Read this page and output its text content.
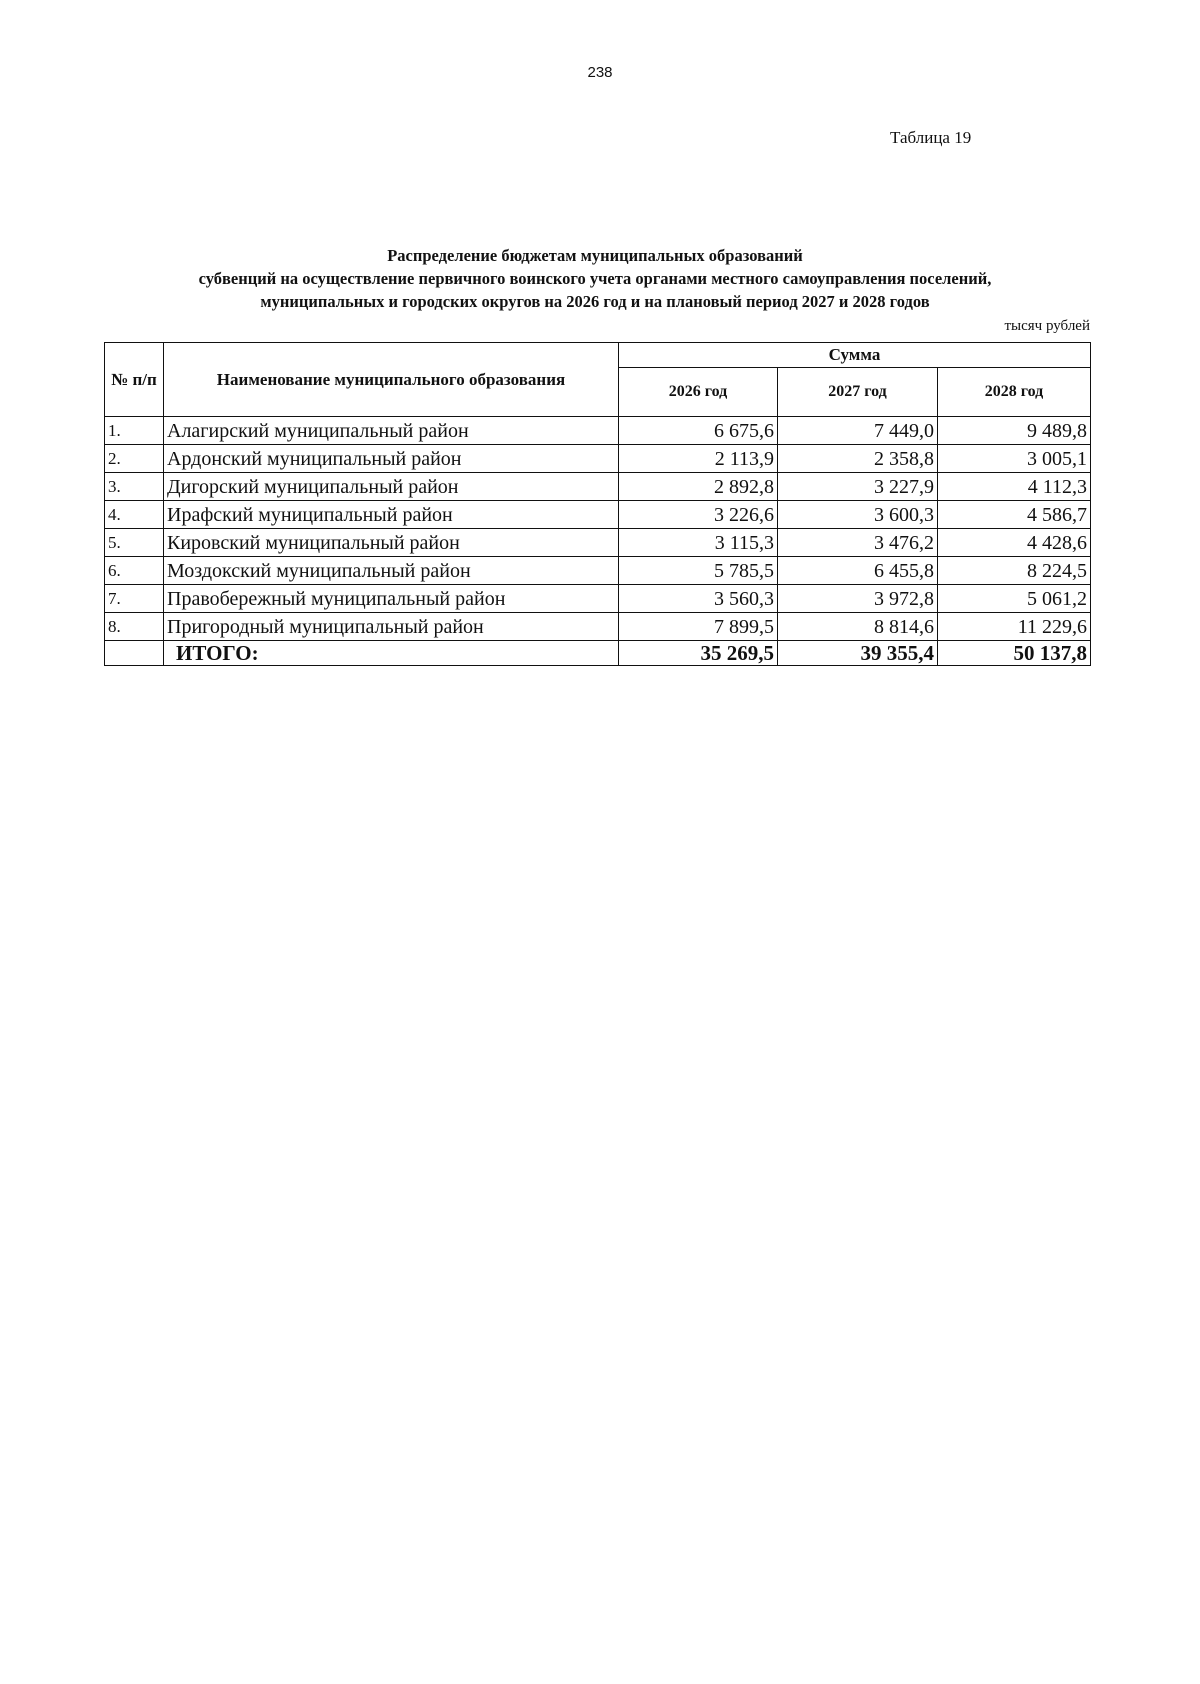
238
Таблица 19
Распределение бюджетам муниципальных образований
субвенций на осуществление первичного воинского учета органами местного самоуправления поселений,
муниципальных и городских округов на 2026 год и на плановый период 2027 и 2028 годов
тысяч рублей
№ п/п	Наименование муниципального образования	Сумма		
		2026 год	2027 год	2028 год
1.	Алагирский муниципальный район	6 675,6	7 449,0	9 489,8
2.	Ардонский муниципальный район	2 113,9	2 358,8	3 005,1
3.	Дигорский муниципальный район	2 892,8	3 227,9	4 112,3
4.	Ирафский муниципальный район	3 226,6	3 600,3	4 586,7
5.	Кировский муниципальный район	3 115,3	3 476,2	4 428,6
6.	Моздокский муниципальный район	5 785,5	6 455,8	8 224,5
7.	Правобережный муниципальный район	3 560,3	3 972,8	5 061,2
8.	Пригородный муниципальный район	7 899,5	8 814,6	11 229,6
	ИТОГО:	35 269,5	39 355,4	50 137,8
